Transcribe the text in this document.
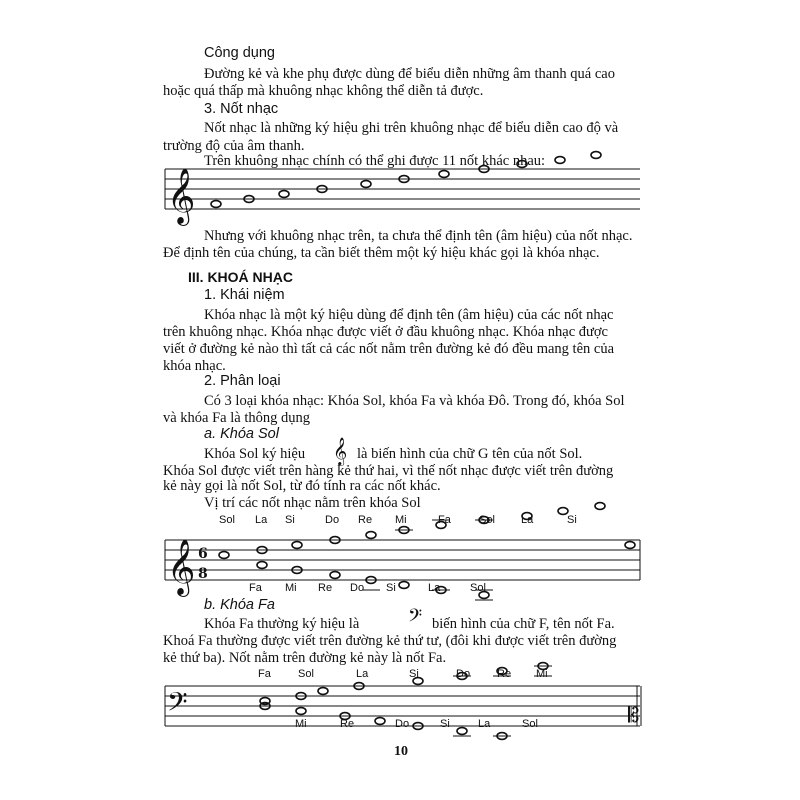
Công dụng
Đường kẻ và khe phụ được dùng để biểu diễn những âm thanh quá cao
hoặc quá thấp mà khuông nhạc không thể diễn tả được.
3. Nốt nhạc
Nốt nhạc là những ký hiệu ghi trên khuông nhạc để biểu diễn cao độ và
trường độ của âm thanh.
Trên khuông nhạc chính có thể ghi được 11 nốt khác nhau:
𝄞
Nhưng với khuông nhạc trên, ta chưa thể định tên (âm hiệu) của nốt nhạc.
Để định tên của chúng, ta cần biết thêm một ký hiệu khác gọi là khóa nhạc.
III. KHOÁ NHẠC
1. Khái niệm
Khóa nhạc là một ký hiệu dùng để định tên (âm hiệu) của các nốt nhạc
trên khuông nhạc. Khóa nhạc được viết ở đầu khuông nhạc. Khóa nhạc được
viết ở đường kẻ nào thì tất cả các nốt nằm trên đường kẻ đó đều mang tên của
khóa nhạc.
2. Phân loại
Có 3 loại khóa nhạc: Khóa Sol, khóa Fa và khóa Đô. Trong đó, khóa Sol
và khóa Fa là thông dụng
a. Khóa Sol
Khóa Sol ký hiệu 𝄞 là biến hình của chữ G tên của nốt Sol.
Khóa Sol được viết trên hàng kẻ thứ hai, vì thế nốt nhạc được viết trên đường
kẻ này gọi là nốt Sol, từ đó tính ra các nốt khác.
Vị trí các nốt nhạc nằm trên khóa Sol
Sol La Si	Do Re Mi	Fa	Sol La	Si
𝄞 6
8
Fa Mi Re Do Si	La	Sol
b. Khóa Fa
Khóa Fa thường ký hiệu là 𝄢 biến hình của chữ F, tên nốt Fa.
Khoá Fa thường được viết trên đường kẻ thứ tư, (đôi khi được viết trên đường
kẻ thứ ba). Nốt nằm trên đường kẻ này là nốt Fa.
Fa Sol	La	Si	Do Re Mi
𝄢	𝄡
Mi	Re	Do	Si	La	Sol
10
